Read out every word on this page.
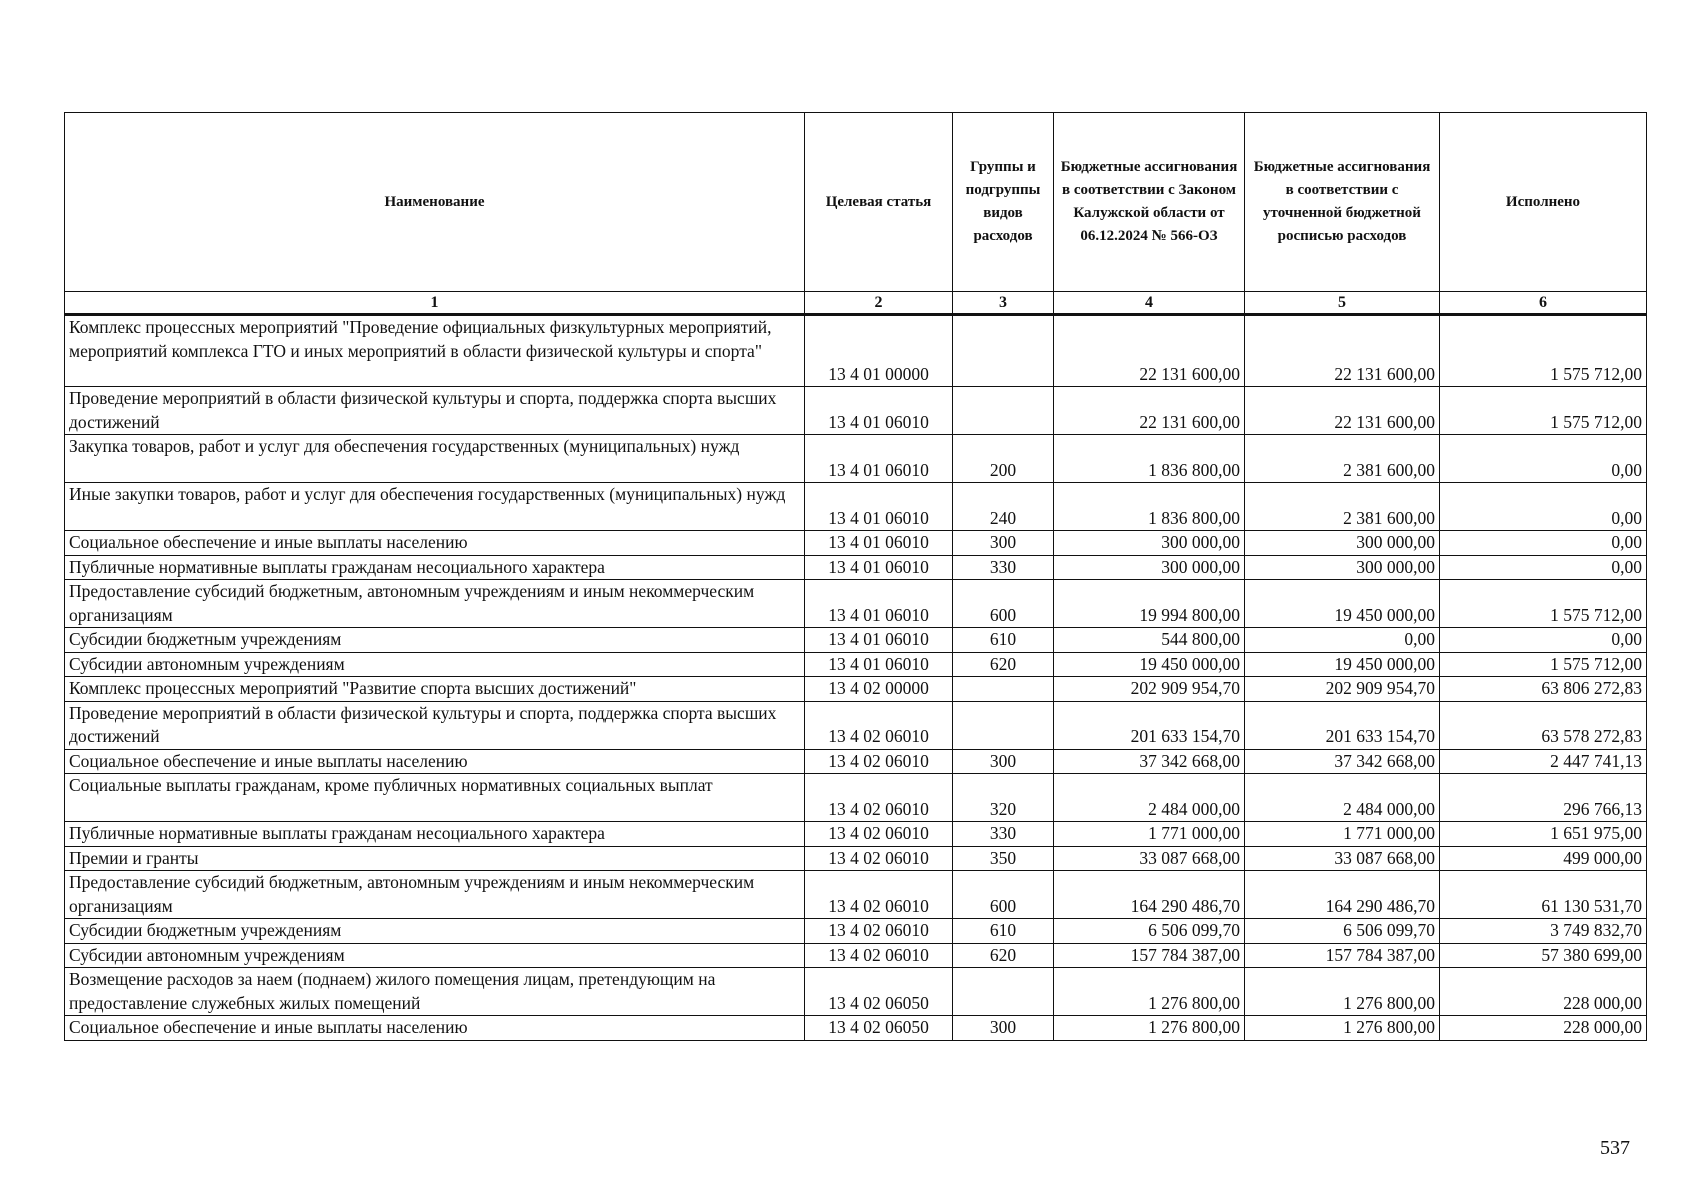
Наименование	Целевая статья	Группы и подгруппы видов расходов	Бюджетные ассигнования в соответствии с Законом Калужской области от 06.12.2024 № 566-ОЗ	Бюджетные ассигнования в соответствии с уточненной бюджетной росписью расходов	Исполнено
1	2	3	4	5	6
Комплекс процессных мероприятий "Проведение официальных физкультурных мероприятий, мероприятий комплекса ГТО и иных мероприятий в области физической культуры и спорта"	13 4 01 00000		22 131 600,00	22 131 600,00	1 575 712,00
Проведение мероприятий в области физической культуры и спорта, поддержка спорта высших достижений	13 4 01 06010		22 131 600,00	22 131 600,00	1 575 712,00
Закупка товаров, работ и услуг для обеспечения государственных (муниципальных) нужд	13 4 01 06010	200	1 836 800,00	2 381 600,00	0,00
Иные закупки товаров, работ и услуг для обеспечения государственных (муниципальных) нужд	13 4 01 06010	240	1 836 800,00	2 381 600,00	0,00
Социальное обеспечение и иные выплаты населению	13 4 01 06010	300	300 000,00	300 000,00	0,00
Публичные нормативные выплаты гражданам несоциального характера	13 4 01 06010	330	300 000,00	300 000,00	0,00
Предоставление субсидий бюджетным, автономным учреждениям и иным некоммерческим организациям	13 4 01 06010	600	19 994 800,00	19 450 000,00	1 575 712,00
Субсидии бюджетным учреждениям	13 4 01 06010	610	544 800,00	0,00	0,00
Субсидии автономным учреждениям	13 4 01 06010	620	19 450 000,00	19 450 000,00	1 575 712,00
Комплекс процессных мероприятий "Развитие спорта высших достижений"	13 4 02 00000		202 909 954,70	202 909 954,70	63 806 272,83
Проведение мероприятий в области физической культуры и спорта, поддержка спорта высших достижений	13 4 02 06010		201 633 154,70	201 633 154,70	63 578 272,83
Социальное обеспечение и иные выплаты населению	13 4 02 06010	300	37 342 668,00	37 342 668,00	2 447 741,13
Социальные выплаты гражданам, кроме публичных нормативных социальных выплат	13 4 02 06010	320	2 484 000,00	2 484 000,00	296 766,13
Публичные нормативные выплаты гражданам несоциального характера	13 4 02 06010	330	1 771 000,00	1 771 000,00	1 651 975,00
Премии и гранты	13 4 02 06010	350	33 087 668,00	33 087 668,00	499 000,00
Предоставление субсидий бюджетным, автономным учреждениям и иным некоммерческим организациям	13 4 02 06010	600	164 290 486,70	164 290 486,70	61 130 531,70
Субсидии бюджетным учреждениям	13 4 02 06010	610	6 506 099,70	6 506 099,70	3 749 832,70
Субсидии автономным учреждениям	13 4 02 06010	620	157 784 387,00	157 784 387,00	57 380 699,00
Возмещение расходов за наем (поднаем) жилого помещения лицам, претендующим на предоставление служебных жилых помещений	13 4 02 06050		1 276 800,00	1 276 800,00	228 000,00
Социальное обеспечение и иные выплаты населению	13 4 02 06050	300	1 276 800,00	1 276 800,00	228 000,00
537
